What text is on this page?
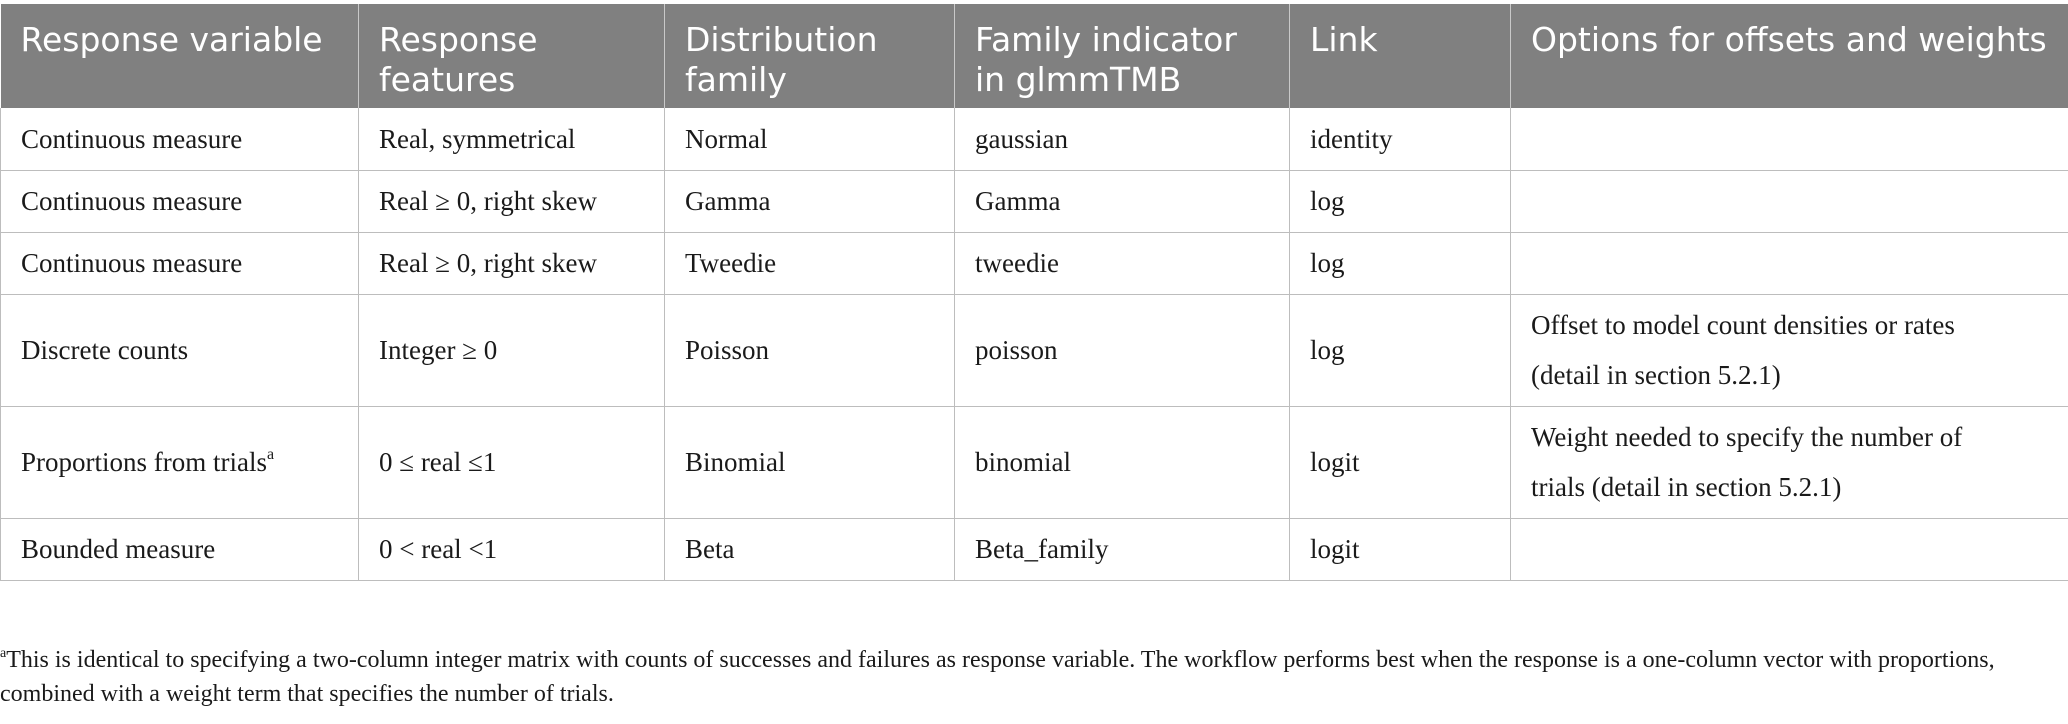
Response variable	Response features	Distribution family	Family indicator in glmmTMB	Link	Options for offsets and weights
Continuous measure	Real, symmetrical	Normal	gaussian	identity	
Continuous measure	Real ≥ 0, right skew	Gamma	Gamma	log	
Continuous measure	Real ≥ 0, right skew	Tweedie	tweedie	log	
Discrete counts	Integer ≥ 0	Poisson	poisson	log	Offset to model count densities or rates
(detail in section 5.2.1)

Proportions from trials$^a$	0 ≤ real ≤1	Binomial	binomial	logit	Weight needed to specify the number of
trials (detail in section 5.2.1)

Bounded measure	0 < real <1	Beta	Beta_family	logit	
$^a$This is identical to specifying a two-column integer matrix with counts of successes and failures as response variable. The workflow performs best when the response is a one-column vector with proportions, combined with a weight term that specifies the number of trials.
